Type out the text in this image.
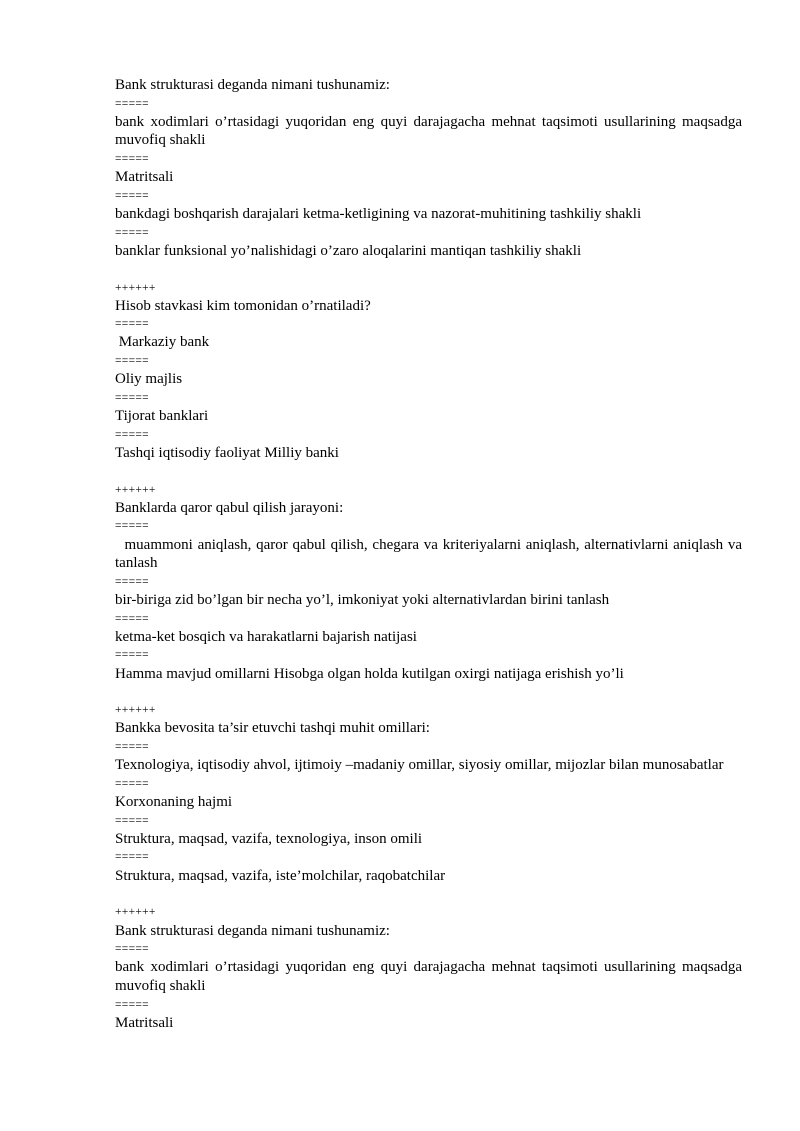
Bank strukturasi deganda nimani tushunamiz:

=====

bank xodimlari o’rtasidagi yuqoridan eng quyi darajagacha mehnat taqsimoti usullarining maqsadga muvofiq shakli

=====

Matritsali

=====

bankdagi boshqarish darajalari ketma-ketligining va nazorat-muhitining tashkiliy shakli

=====

banklar funksional yo’nalishidagi o’zaro aloqalarini mantiqan tashkiliy shakli

++++++

Hisob stavkasi kim tomonidan o’rnatiladi?

=====

Markaziy bank

=====

Oliy majlis

=====

Tijorat banklari

=====

Tashqi iqtisodiy faoliyat Milliy banki

++++++

Banklarda qaror qabul qilish jarayoni:

=====

muammoni aniqlash, qaror qabul qilish, chegara va kriteriyalarni aniqlash, alternativlarni aniqlash va tanlash

=====

bir-biriga zid bo’lgan bir necha yo’l, imkoniyat yoki alternativlardan birini tanlash

=====

ketma-ket bosqich va harakatlarni bajarish natijasi

=====

Hamma mavjud omillarni Hisobga olgan holda kutilgan oxirgi natijaga erishish yo’li

++++++

Bankka bevosita ta’sir etuvchi tashqi muhit omillari:

=====

Texnologiya, iqtisodiy ahvol, ijtimoiy –madaniy omillar, siyosiy omillar, mijozlar bilan munosabatlar

=====

Korxonaning hajmi

=====

Struktura, maqsad, vazifa, texnologiya, inson omili

=====

Struktura, maqsad, vazifa, iste’molchilar, raqobatchilar

++++++

Bank strukturasi deganda nimani tushunamiz:

=====

bank xodimlari o’rtasidagi yuqoridan eng quyi darajagacha mehnat taqsimoti usullarining maqsadga muvofiq shakli

=====

Matritsali
